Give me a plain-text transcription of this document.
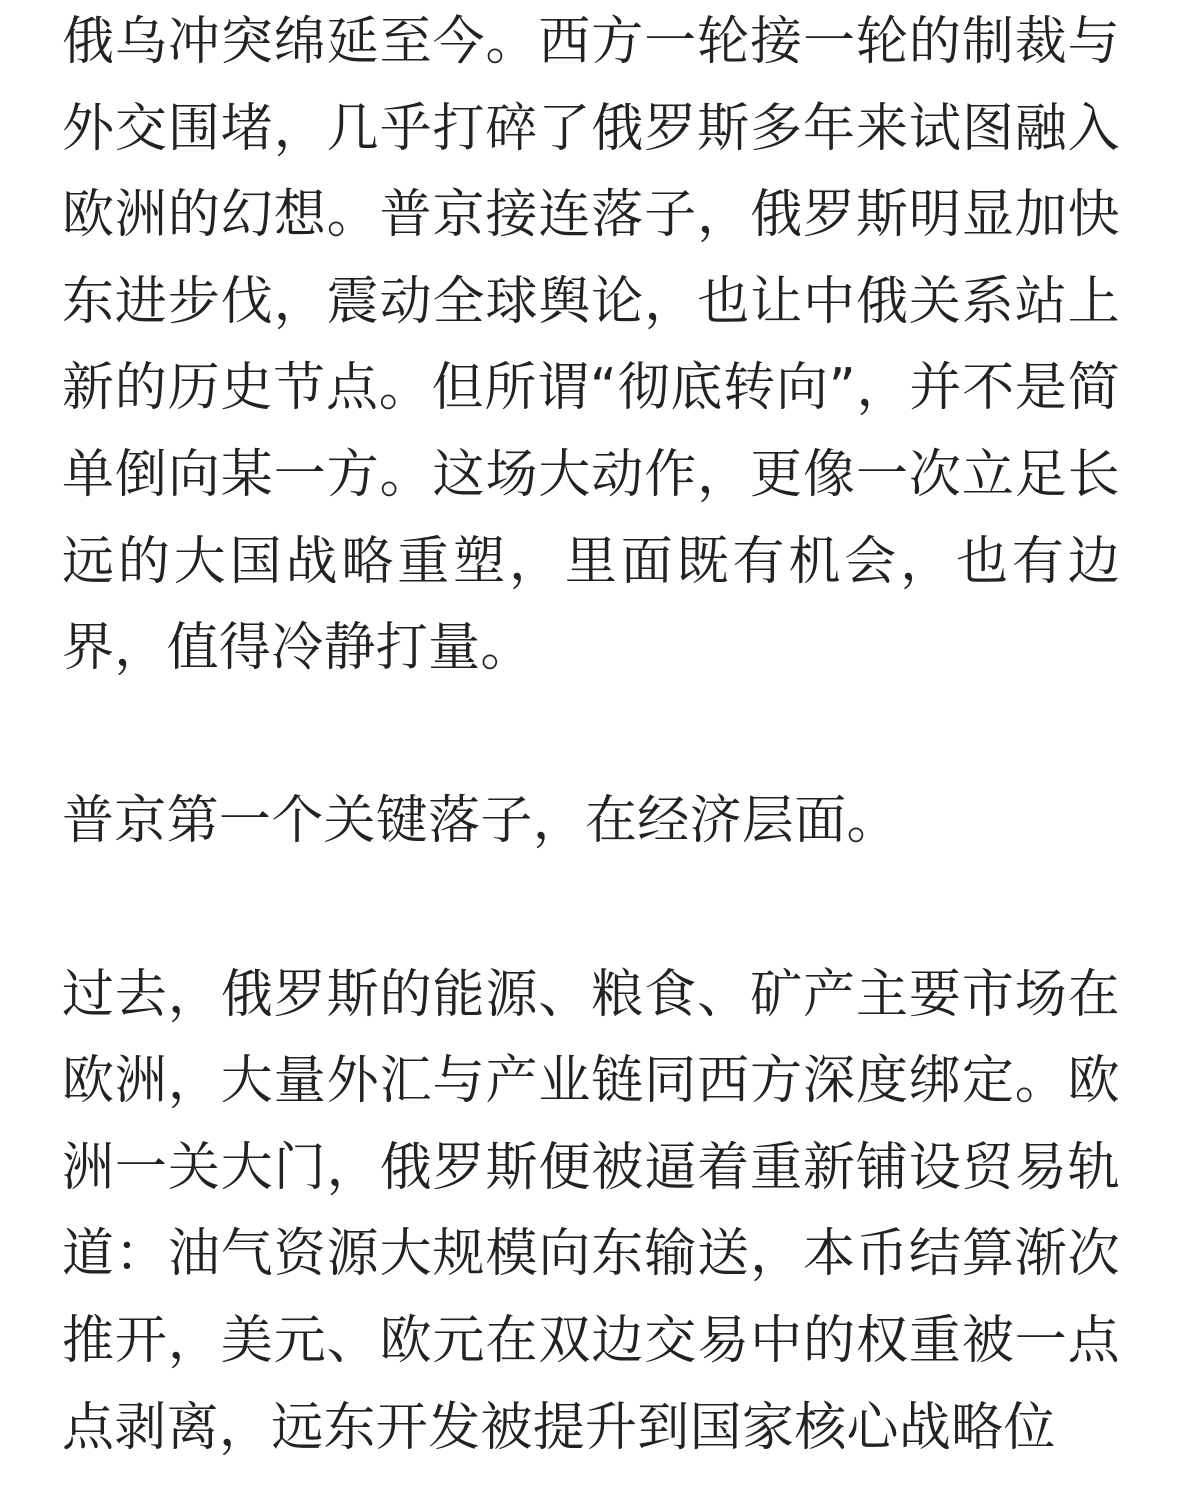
俄乌冲突绵延至今。西方一轮接一轮的制裁与外交围堵，几乎打碎了俄罗斯多年来试图融入欧洲的幻想。普京接连落子，俄罗斯明显加快东进步伐，震动全球舆论，也让中俄关系站上新的历史节点。但所谓“彻底转向”，并不是简单倒向某一方。这场大动作，更像一次立足长远的大国战略重塑，里面既有机会，也有边界，值得冷静打量。

普京第一个关键落子，在经济层面。

过去，俄罗斯的能源、粮食、矿产主要市场在欧洲，大量外汇与产业链同西方深度绑定。欧洲一关大门，俄罗斯便被逼着重新铺设贸易轨道：油气资源大规模向东输送，本币结算渐次推开，美元、欧元在双边交易中的权重被一点点剥离，远东开发被提升到国家核心战略位
